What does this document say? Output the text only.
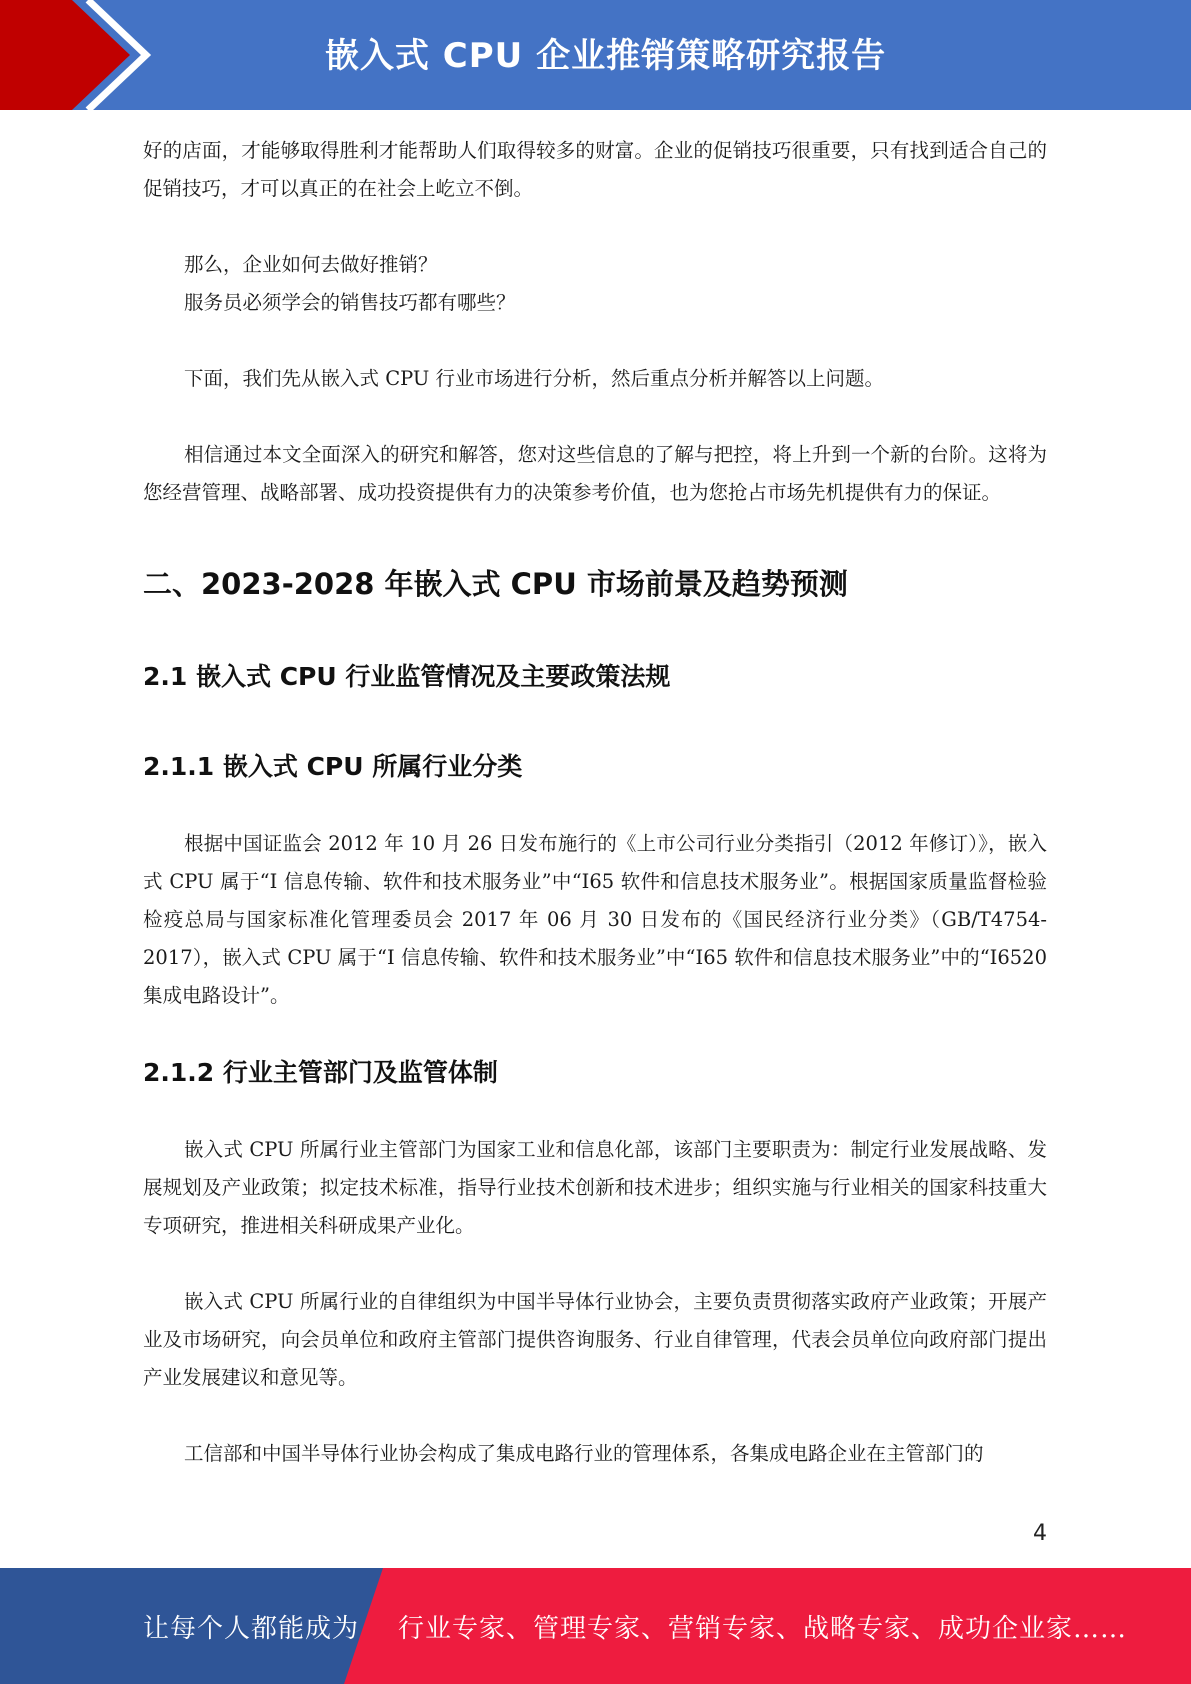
嵌入式 CPU 企业推销策略研究报告

好的店面，才能够取得胜利才能帮助人们取得较多的财富。企业的促销技巧很重要，只有找到适合自己的促销技巧，才可以真正的在社会上屹立不倒。

那么，企业如何去做好推销？

服务员必须学会的销售技巧都有哪些？

下面，我们先从嵌入式 CPU 行业市场进行分析，然后重点分析并解答以上问题。

相信通过本文全面深入的研究和解答，您对这些信息的了解与把控，将上升到一个新的台阶。这将为您经营管理、战略部署、成功投资提供有力的决策参考价值，也为您抢占市场先机提供有力的保证。

二、2023-2028 年嵌入式 CPU 市场前景及趋势预测
2.1 嵌入式 CPU 行业监管情况及主要政策法规
2.1.1 嵌入式 CPU 所属行业分类

根据中国证监会 2012 年 10 月 26 日发布施行的《上市公司行业分类指引（2012 年修订）》，嵌入式 CPU 属于“I 信息传输、软件和技术服务业”中“I65 软件和信息技术服务业”。根据国家质量监督检验检疫总局与国家标准化管理委员会 2017 年 06 月 30 日发布的《国民经济行业分类》（GB/T4754-2017），嵌入式 CPU 属于“I 信息传输、软件和技术服务业”中“I65 软件和信息技术服务业”中的“I6520 集成电路设计”。

2.1.2 行业主管部门及监管体制

嵌入式 CPU 所属行业主管部门为国家工业和信息化部，该部门主要职责为：制定行业发展战略、发展规划及产业政策；拟定技术标准，指导行业技术创新和技术进步；组织实施与行业相关的国家科技重大专项研究，推进相关科研成果产业化。

嵌入式 CPU 所属行业的自律组织为中国半导体行业协会，主要负责贯彻落实政府产业政策；开展产业及市场研究，向会员单位和政府主管部门提供咨询服务、行业自律管理，代表会员单位向政府部门提出产业发展建议和意见等。

工信部和中国半导体行业协会构成了集成电路行业的管理体系，各集成电路企业在主管部门的

4
让每个人都能成为 行业专家、管理专家、营销专家、战略专家、成功企业家……
